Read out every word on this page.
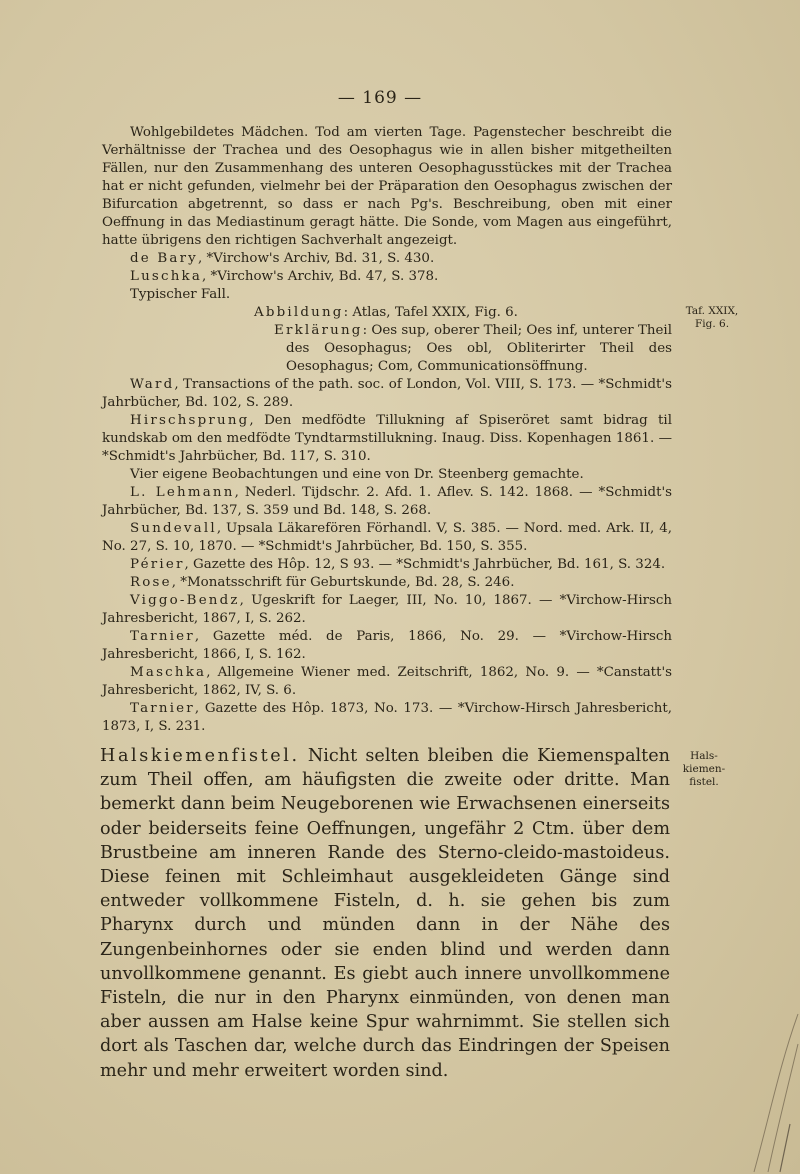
— 169 —

Wohlgebildetes Mädchen. Tod am vierten Tage. Pagenstecher beschreibt die Verhältnisse der Trachea und des Oesophagus wie in allen bisher mitgetheilten Fällen, nur den Zusammenhang des unteren Oesophagusstückes mit der Trachea hat er nicht gefunden, vielmehr bei der Präparation den Oesophagus zwischen der Bifurcation abgetrennt, so dass er nach Pg's. Beschreibung, oben mit einer Oeffnung in das Mediastinum geragt hätte. Die Sonde, vom Magen aus eingeführt, hatte übrigens den richtigen Sachverhalt angezeigt.

de Bary, *Virchow's Archiv, Bd. 31, S. 430.

Luschka, *Virchow's Archiv, Bd. 47, S. 378.

Typischer Fall.

Abbildung: Atlas, Tafel XXIX, Fig. 6.

Erklärung: Oes sup, oberer Theil; Oes inf, unterer Theil des Oesophagus; Oes obl, Obliterirter Theil des Oesophagus; Com, Communicationsöffnung.

Ward, Transactions of the path. soc. of London, Vol. VIII, S. 173. — *Schmidt's Jahrbücher, Bd. 102, S. 289.

Hirschsprung, Den medfödte Tillukning af Spiseröret samt bidrag til kundskab om den medfödte Tyndtarmstillukning. Inaug. Diss. Kopenhagen 1861. — *Schmidt's Jahrbücher, Bd. 117, S. 310.

Vier eigene Beobachtungen und eine von Dr. Steenberg gemachte.

L. Lehmann, Nederl. Tijdschr. 2. Afd. 1. Aflev. S. 142. 1868. — *Schmidt's Jahrbücher, Bd. 137, S. 359 und Bd. 148, S. 268.

Sundevall, Upsala Läkarefören Förhandl. V, S. 385. — Nord. med. Ark. II, 4, No. 27, S. 10, 1870. — *Schmidt's Jahrbücher, Bd. 150, S. 355.

Périer, Gazette des Hôp. 12, S 93. — *Schmidt's Jahrbücher, Bd. 161, S. 324.

Rose, *Monatsschrift für Geburtskunde, Bd. 28, S. 246.

Viggo-Bendz, Ugeskrift for Laeger, III, No. 10, 1867. — *Virchow-Hirsch Jahresbericht, 1867, I, S. 262.

Tarnier, Gazette méd. de Paris, 1866, No. 29. — *Virchow-Hirsch Jahresbericht, 1866, I, S. 162.

Maschka, Allgemeine Wiener med. Zeitschrift, 1862, No. 9. — *Canstatt's Jahresbericht, 1862, IV, S. 6.

Tarnier, Gazette des Hôp. 1873, No. 173. — *Virchow-Hirsch Jahresbericht, 1873, I, S. 231.

Taf. XXIX, Fig. 6.
Hals-kiemen-fistel.

Halskiemenfistel. Nicht selten bleiben die Kiemenspalten zum Theil offen, am häufigsten die zweite oder dritte. Man bemerkt dann beim Neugeborenen wie Erwachsenen einerseits oder beiderseits feine Oeffnungen, ungefähr 2 Ctm. über dem Brustbeine am inneren Rande des Sterno-cleido-mastoideus. Diese feinen mit Schleimhaut ausgekleideten Gänge sind entweder vollkommene Fisteln, d. h. sie gehen bis zum Pharynx durch und münden dann in der Nähe des Zungenbeinhornes oder sie enden blind und werden dann unvollkommene genannt. Es giebt auch innere unvollkommene Fisteln, die nur in den Pharynx einmünden, von denen man aber aussen am Halse keine Spur wahrnimmt. Sie stellen sich dort als Taschen dar, welche durch das Eindringen der Speisen mehr und mehr erweitert worden sind.
